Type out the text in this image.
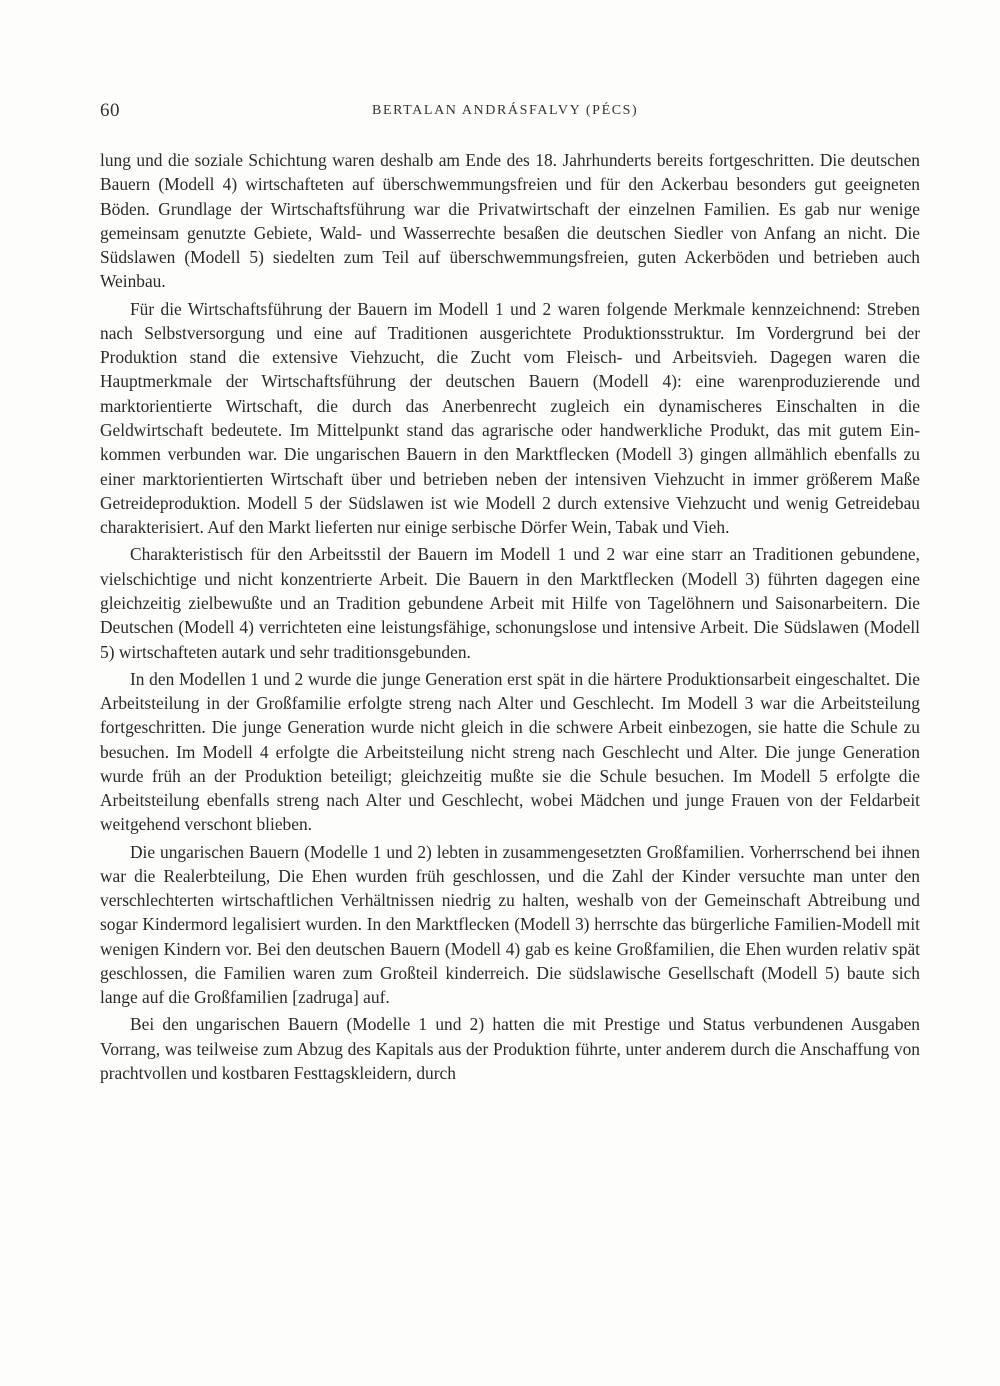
60	BERTALAN ANDRÁSFALVY (PÉCS)

lung und die soziale Schichtung waren deshalb am Ende des 18. Jahrhunderts bereits fortgeschritten. Die deutschen Bauern (Modell 4) wirtschafteten auf überschwemmungsfreien und für den Ackerbau besonders gut geeigneten Böden. Grundlage der Wirtschaftsführung war die Privatwirtschaft der einzelnen Familien. Es gab nur wenige gemeinsam genutzte Gebiete, Wald- und Wasserrechte besaßen die deutschen Siedler von Anfang an nicht. Die Südslawen (Modell 5) siedelten zum Teil auf überschwemmungsfreien, guten Ackerböden und betrieben auch Weinbau.

Für die Wirtschaftsführung der Bauern im Modell 1 und 2 waren folgende Merkmale kennzeichnend: Streben nach Selbstversorgung und eine auf Traditionen ausgerichtete Produktionsstruktur. Im Vordergrund bei der Produktion stand die extensive Viehzucht, die Zucht vom Fleisch- und Arbeitsvieh. Dagegen waren die Hauptmerkmale der Wirtschaftsführung der deutschen Bauern (Modell 4): eine warenproduzierende und marktorientierte Wirtschaft, die durch das Anerbenrecht zugleich ein dynamischeres Einschalten in die Geldwirtschaft bedeutete. Im Mittelpunkt stand das agrarische oder handwerkliche Produkt, das mit gutem Einkommen verbunden war. Die ungarischen Bauern in den Marktflecken (Modell 3) gingen allmählich ebenfalls zu einer marktorientierten Wirtschaft über und betrieben neben der intensiven Viehzucht in immer größerem Maße Getreideproduktion. Modell 5 der Südslawen ist wie Modell 2 durch extensive Viehzucht und wenig Getreidebau charakterisiert. Auf den Markt lieferten nur einige serbische Dörfer Wein, Tabak und Vieh.

Charakteristisch für den Arbeitsstil der Bauern im Modell 1 und 2 war eine starr an Traditionen gebundene, vielschichtige und nicht konzentrierte Arbeit. Die Bauern in den Marktflecken (Modell 3) führten dagegen eine gleichzeitig zielbewußte und an Tradition gebundene Arbeit mit Hilfe von Tagelöhnern und Saisonarbeitern. Die Deutschen (Modell 4) verrichteten eine leistungsfähige, schonungslose und intensive Arbeit. Die Südslawen (Modell 5) wirtschafteten autark und sehr traditionsgebunden.

In den Modellen 1 und 2 wurde die junge Generation erst spät in die härtere Produktionsarbeit eingeschaltet. Die Arbeitsteilung in der Großfamilie erfolgte streng nach Alter und Geschlecht. Im Modell 3 war die Arbeitsteilung fortgeschritten. Die junge Generation wurde nicht gleich in die schwere Arbeit einbezogen, sie hatte die Schule zu besuchen. Im Modell 4 erfolgte die Arbeitsteilung nicht streng nach Geschlecht und Alter. Die junge Generation wurde früh an der Produktion beteiligt; gleichzeitig mußte sie die Schule besuchen. Im Modell 5 erfolgte die Arbeitsteilung ebenfalls streng nach Alter und Geschlecht, wobei Mädchen und junge Frauen von der Feldarbeit weitgehend verschont blieben.

Die ungarischen Bauern (Modelle 1 und 2) lebten in zusammengesetzten Großfamilien. Vorherrschend bei ihnen war die Realerbteilung, Die Ehen wurden früh geschlossen, und die Zahl der Kinder versuchte man unter den verschlechterten wirtschaftlichen Verhältnissen niedrig zu halten, weshalb von der Gemeinschaft Abtreibung und sogar Kindermord legalisiert wurden. In den Marktflecken (Modell 3) herrschte das bürgerliche Familien-Modell mit wenigen Kindern vor. Bei den deutschen Bauern (Modell 4) gab es keine Großfamilien, die Ehen wurden relativ spät geschlossen, die Familien waren zum Großteil kinderreich. Die südslawische Gesellschaft (Modell 5) baute sich lange auf die Großfamilien [zadruga] auf.

Bei den ungarischen Bauern (Modelle 1 und 2) hatten die mit Prestige und Status verbundenen Ausgaben Vorrang, was teilweise zum Abzug des Kapitals aus der Produktion führte, unter anderem durch die Anschaffung von prachtvollen und kostbaren Festtagskleidern, durch
